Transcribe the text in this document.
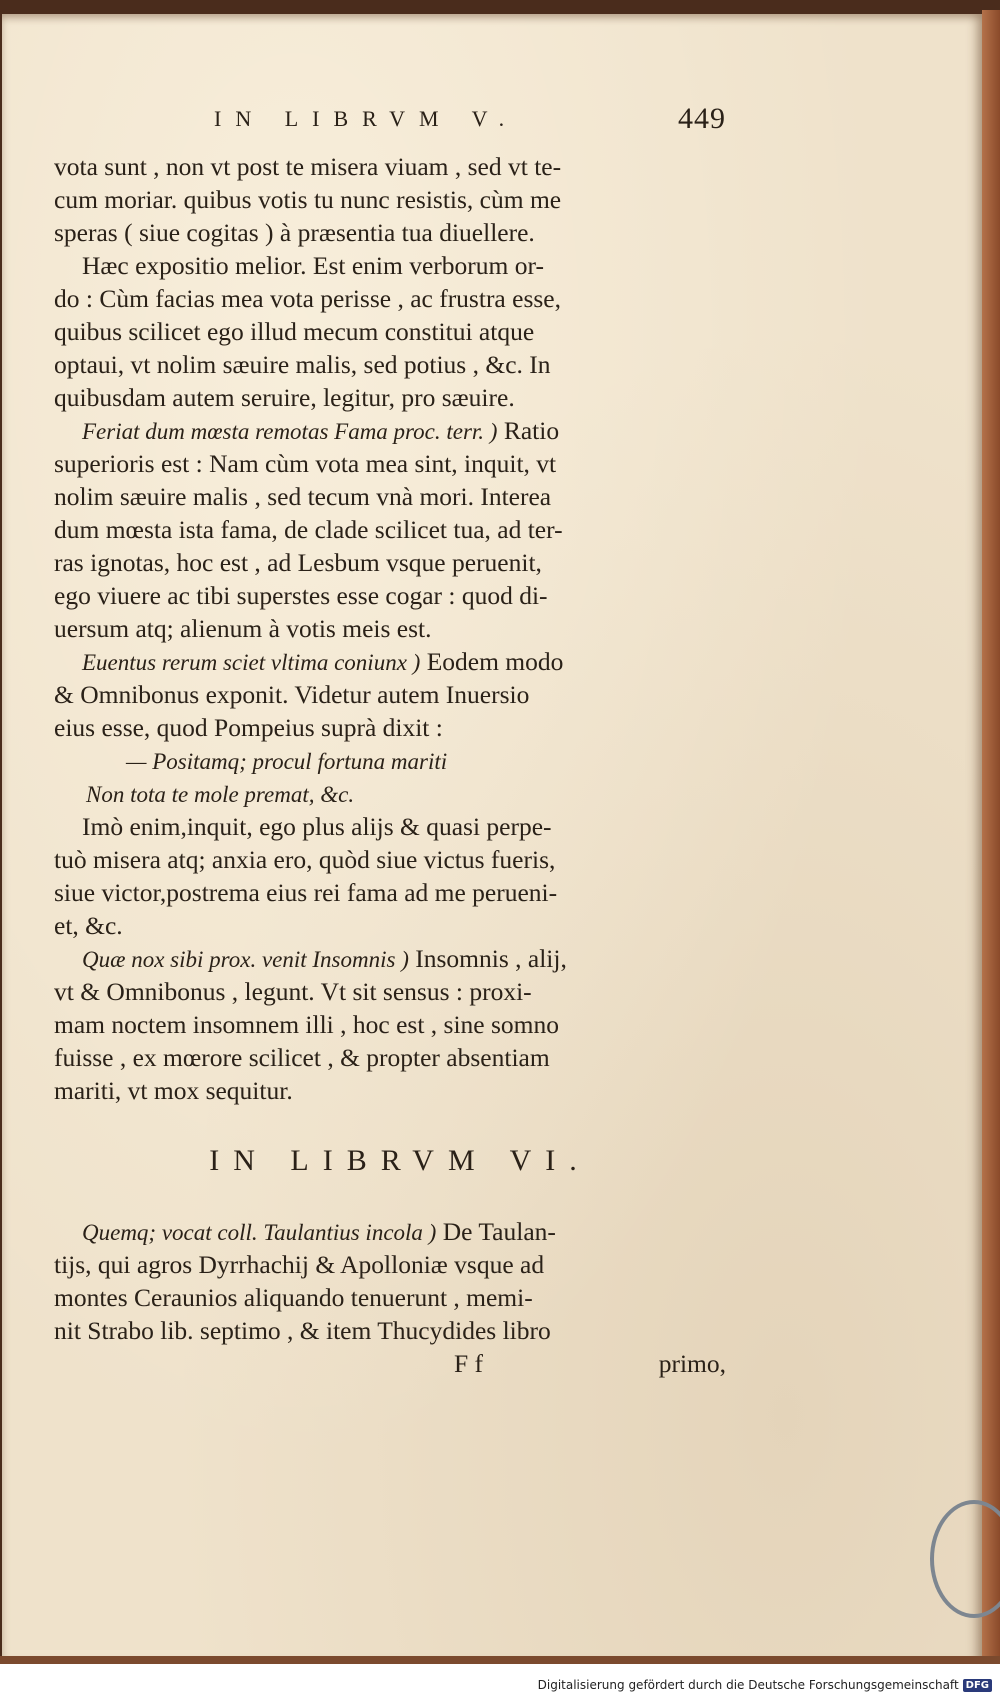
IN LIBRVM V.	449
vota sunt , non vt post te misera viuam , sed vt te-
cum moriar. quibus votis tu nunc resistis, cùm me
speras ( siue cogitas ) à præsentia tua diuellere.
Hæc expositio melior. Est enim verborum or-
do : Cùm facias mea vota perisse , ac frustra esse,
quibus scilicet ego illud mecum constitui atque
optaui, vt nolim sæuire malis, sed potius , &c. In
quibusdam autem seruire, legitur, pro sæuire.
Feriat dum mœsta remotas Fama proc. terr. ) Ratio
superioris est : Nam cùm vota mea sint, inquit, vt
nolim sæuire malis , sed tecum vnà mori. Interea
dum mœsta ista fama, de clade scilicet tua, ad ter-
ras ignotas, hoc est , ad Lesbum vsque peruenit,
ego viuere ac tibi superstes esse cogar : quod di-
uersum atq; alienum à votis meis est.
Euentus rerum sciet vltima coniunx ) Eodem modo
& Omnibonus exponit. Videtur autem Inuersio
eius esse, quod Pompeius suprà dixit :
— Positamq; procul fortuna mariti
Non tota te mole premat, &c.
Imò enim,inquit, ego plus alijs & quasi perpe-
tuò misera atq; anxia ero, quòd siue victus fueris,
siue victor,postrema eius rei fama ad me perueni-
et, &c.
Quæ nox sibi prox. venit Insomnis ) Insomnis , alij,
vt & Omnibonus , legunt. Vt sit sensus : proxi-
mam noctem insomnem illi , hoc est , sine somno
fuisse , ex mœrore scilicet , & propter absentiam
mariti, vt mox sequitur.
IN LIBRVM VI.
Quemq; vocat coll. Taulantius incola ) De Taulan-
tijs, qui agros Dyrrhachij & Apolloniæ vsque ad
montes Ceraunios aliquando tenuerunt , memi-
nit Strabo lib. septimo , & item Thucydides libro
F f	primo,
Digitalisierung gefördert durch die Deutsche Forschungsgemeinschaft DFG
